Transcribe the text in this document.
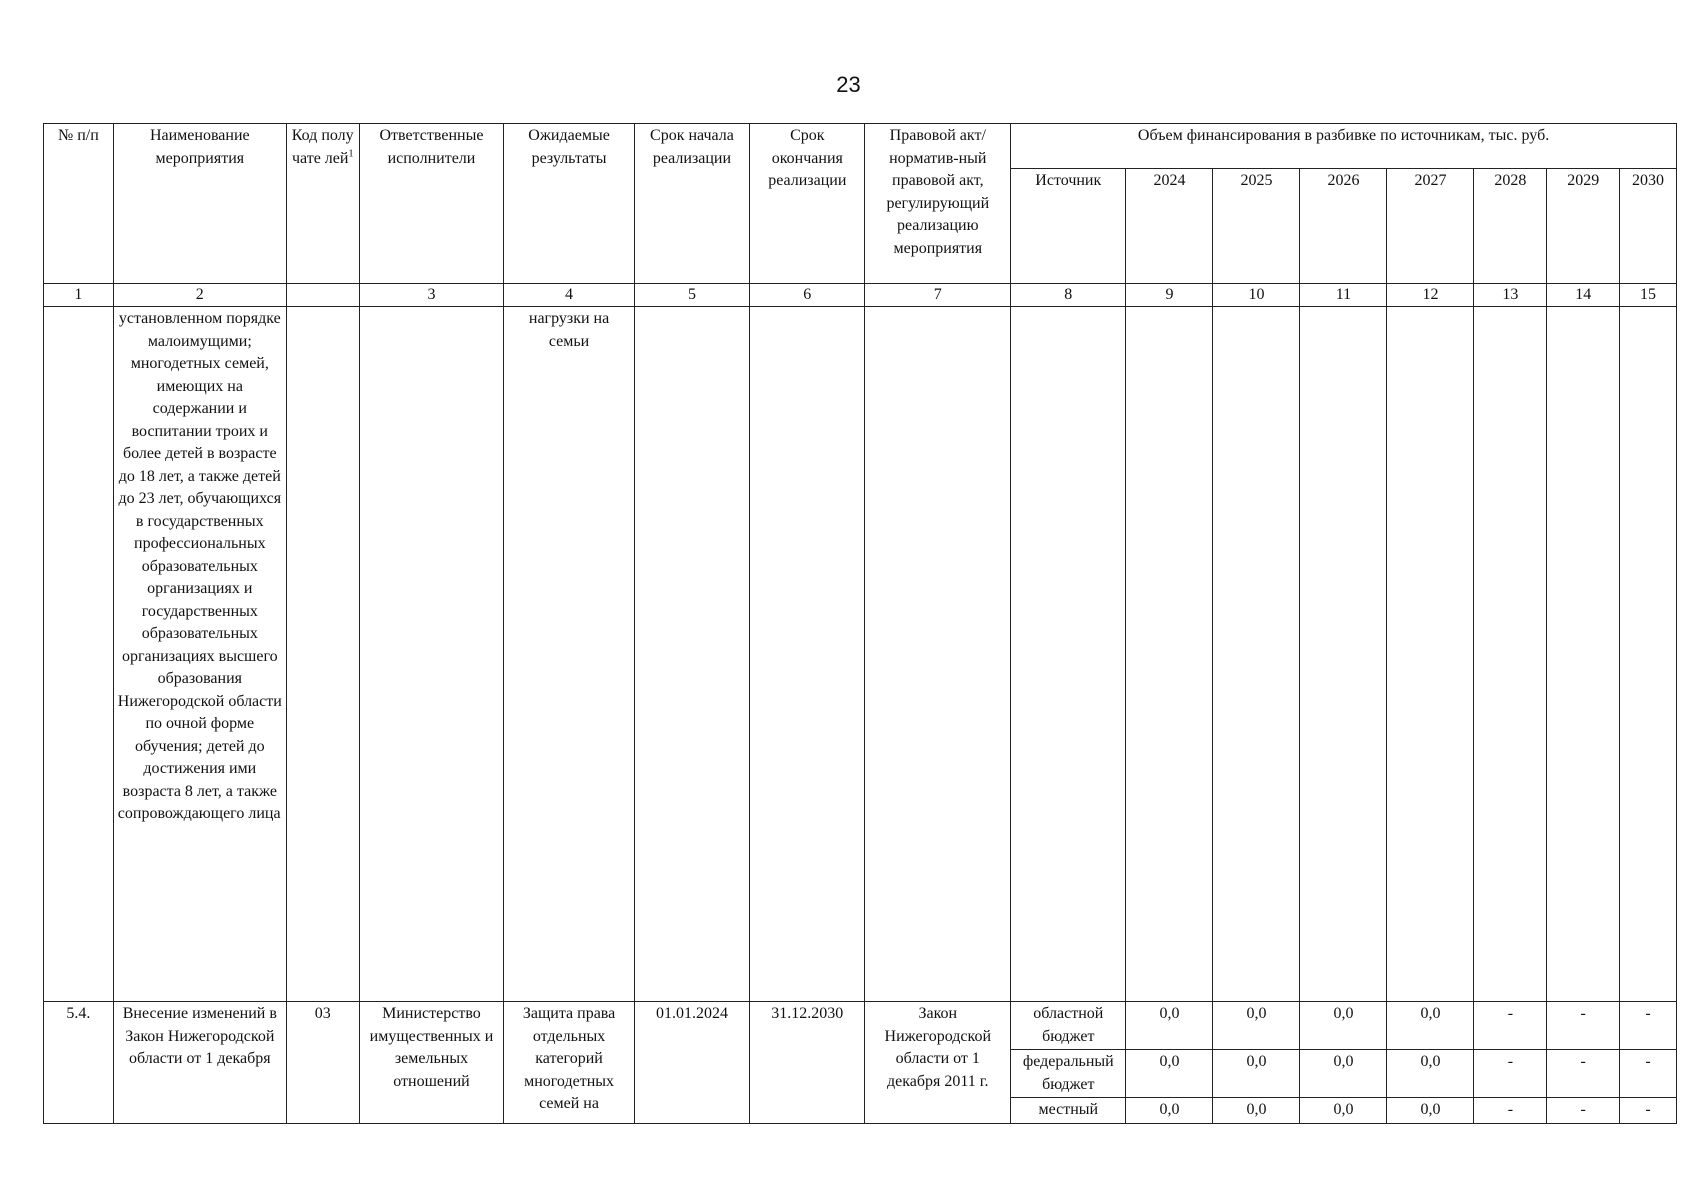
23
№ п/п	Наименование мероприятия	Код полу чате лей$^1$	Ответственные исполнители	Ожидаемые результаты	Срок начала реализации	Срок окончания реализации	Правовой акт/норматив-ный правовой акт, регулирующий реализацию мероприятия	Объем финансирования в разбивке по источникам, тыс. руб.							
								Источник	2024	2025	2026	2027	2028	2029	2030
1	2		3	4	5	6	7	8	9	10	11	12	13	14	15
	установленном порядке малоимущими; многодетных семей, имеющих на содержании и воспитании троих и более детей в возрасте до 18 лет, а также детей до 23 лет, обучающихся в государственных профессиональных образовательных организациях и государственных образовательных организациях высшего образования Нижегородской области по очной форме обучения; детей до достижения ими возраста 8 лет, а также сопровождающего лица			нагрузки на семьи											
5.4.	Внесение изменений в Закон Нижегородской области от 1 декабря	03	Министерство имущественных и земельных отношений	Защита права отдельных категорий многодетных семей на	01.01.2024	31.12.2030	Закон Нижегородской области от 1 декабря 2011 г.	областной бюджет	0,0	0,0	0,0	0,0	-	-	-
								федеральный бюджет	0,0	0,0	0,0	0,0	-	-	-
								местный	0,0	0,0	0,0	0,0	-	-	-
